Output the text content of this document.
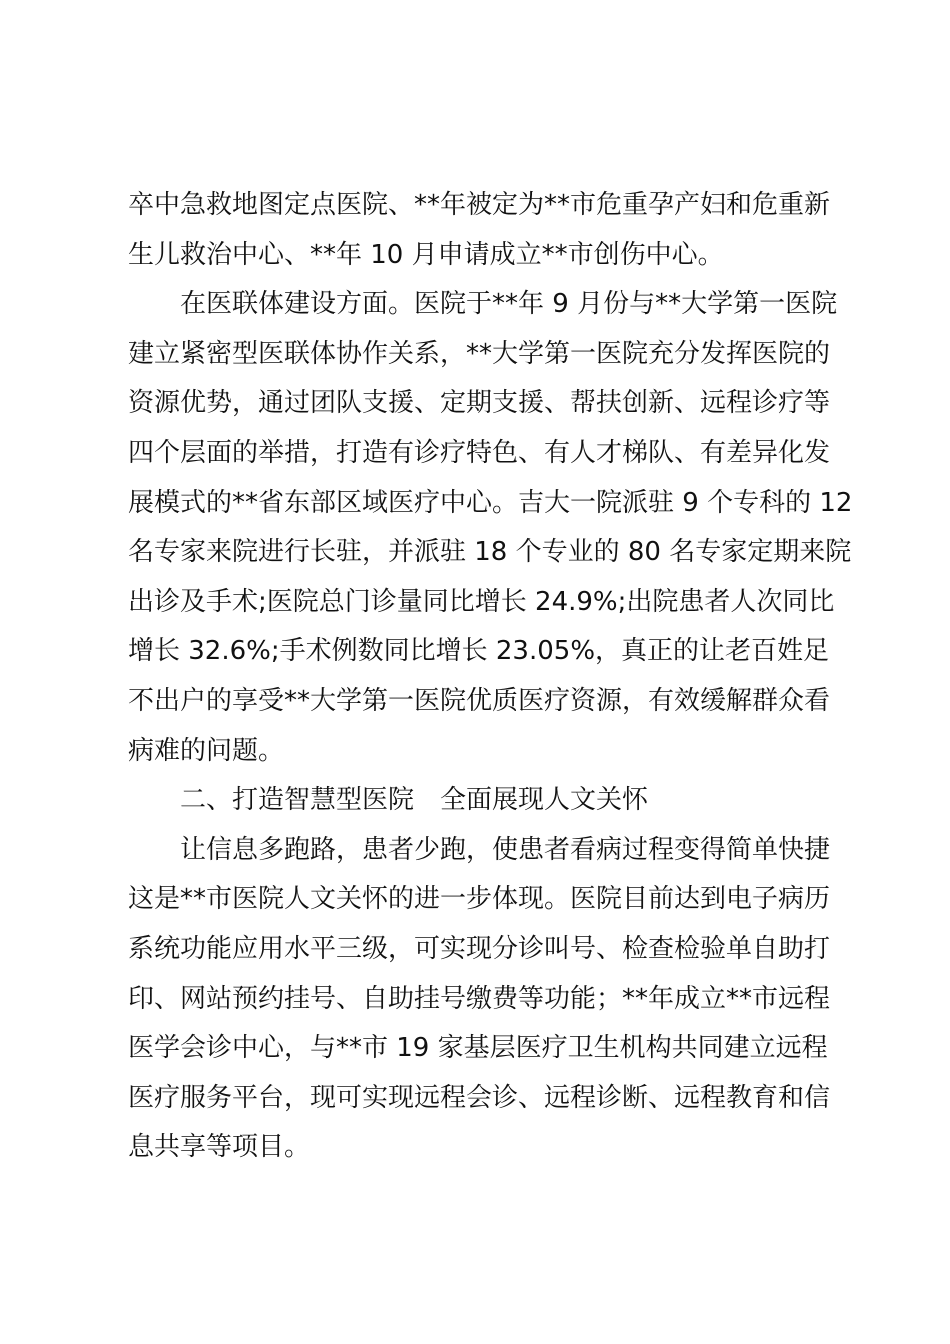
卒中急救地图定点医院、**年被定为**市危重孕产妇和危重新
生儿救治中心、**年 10 月申请成立**市创伤中心。
在医联体建设方面。医院于**年 9 月份与**大学第一医院
建立紧密型医联体协作关系，**大学第一医院充分发挥医院的
资源优势，通过团队支援、定期支援、帮扶创新、远程诊疗等
四个层面的举措，打造有诊疗特色、有人才梯队、有差异化发
展模式的**省东部区域医疗中心。吉大一院派驻 9 个专科的 12
名专家来院进行长驻，并派驻 18 个专业的 80 名专家定期来院
出诊及手术;医院总门诊量同比增长 24.9%;出院患者人次同比
增长 32.6%;手术例数同比增长 23.05%，真正的让老百姓足
不出户的享受**大学第一医院优质医疗资源，有效缓解群众看
病难的问题。
二、打造智慧型医院　全面展现人文关怀
让信息多跑路，患者少跑，使患者看病过程变得简单快捷
这是**市医院人文关怀的进一步体现。医院目前达到电子病历
系统功能应用水平三级，可实现分诊叫号、检查检验单自助打
印、网站预约挂号、自助挂号缴费等功能；**年成立**市远程
医学会诊中心，与**市 19 家基层医疗卫生机构共同建立远程
医疗服务平台，现可实现远程会诊、远程诊断、远程教育和信
息共享等项目。
